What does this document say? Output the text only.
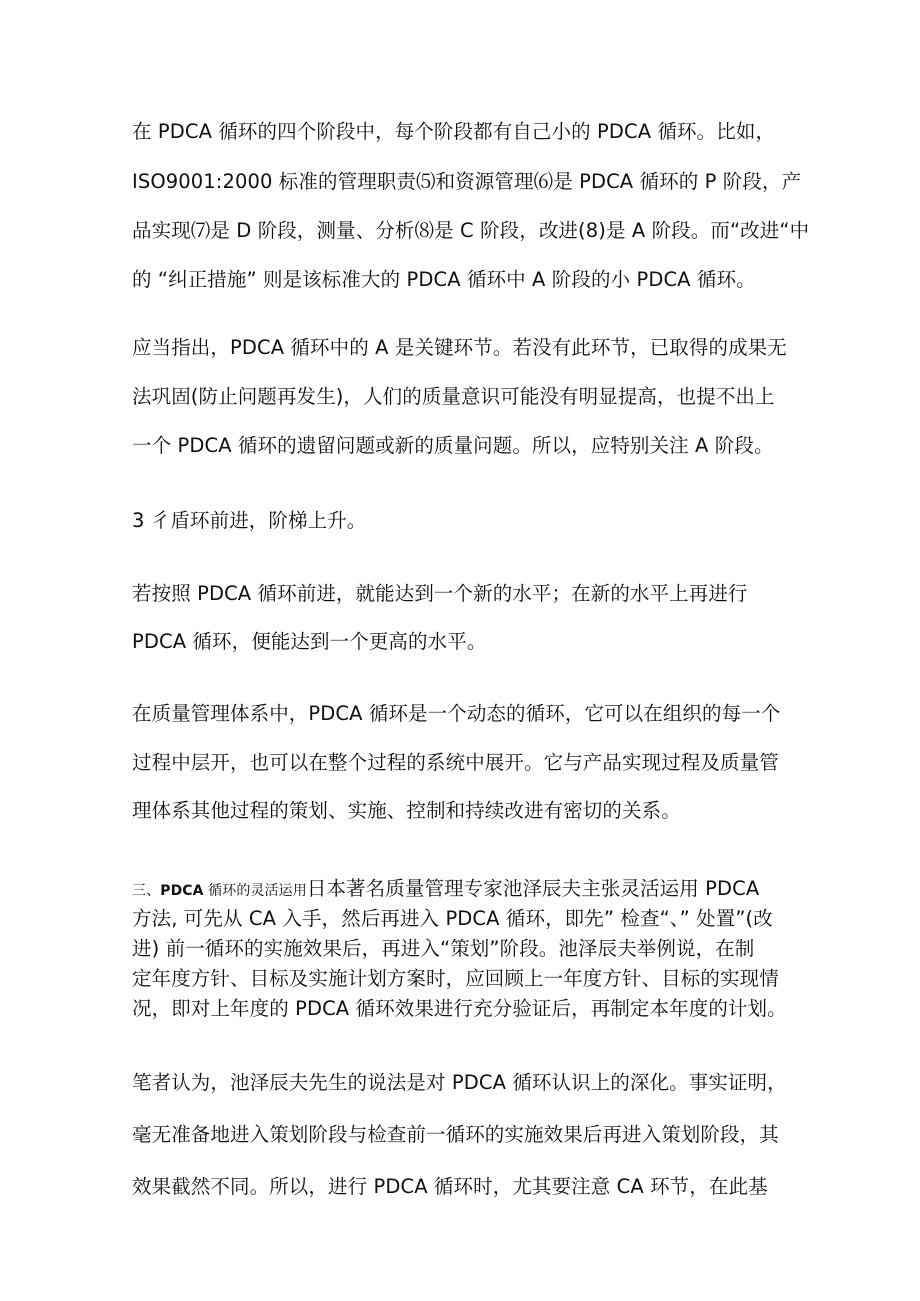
在 PDCA 循环的四个阶段中，每个阶段都有自己小的 PDCA 循环。比如，
ISO9001:2000 标准的管理职责⑸和资源管理⑹是 PDCA 循环的 P 阶段，产
品实现⑺是 D 阶段，测量、分析⑻是 C 阶段，改进(8)是 A 阶段。而“改进“中
的 “纠正措施” 则是该标准大的 PDCA 循环中 A 阶段的小 PDCA 循环。
应当指出，PDCA 循环中的 A 是关键环节。若没有此环节，已取得的成果无
法巩固(防止问题再发生)，人们的质量意识可能没有明显提高，也提不出上
一个 PDCA 循环的遗留问题或新的质量问题。所以，应特别关注 A 阶段。
3 彳盾环前进，阶梯上升。
若按照 PDCA 循环前进，就能达到一个新的水平；在新的水平上再进行
PDCA 循环，便能达到一个更高的水平。
在质量管理体系中，PDCA 循环是一个动态的循环，它可以在组织的每一个
过程中层开，也可以在整个过程的系统中展开。它与产品实现过程及质量管
理体系其他过程的策划、实施、控制和持续改进有密切的关系。
三、PDCA 循环的灵活运用日本著名质量管理专家池泽辰夫主张灵活运用 PDCA
方法, 可先从 CA 入手，然后再进入 PDCA 循环，即先” 检查“、” 处置”(改
进) 前一循环的实施效果后，再进入“策划”阶段。池泽辰夫举例说，在制
定年度方针、目标及实施计划方案时，应回顾上一年度方针、目标的实现情
况，即对上年度的 PDCA 循环效果进行充分验证后，再制定本年度的计划。
笔者认为，池泽辰夫先生的说法是对 PDCA 循环认识上的深化。事实证明，
毫无准备地进入策划阶段与检查前一循环的实施效果后再进入策划阶段，其
效果截然不同。所以，进行 PDCA 循环时，尤其要注意 CA 环节，在此基
